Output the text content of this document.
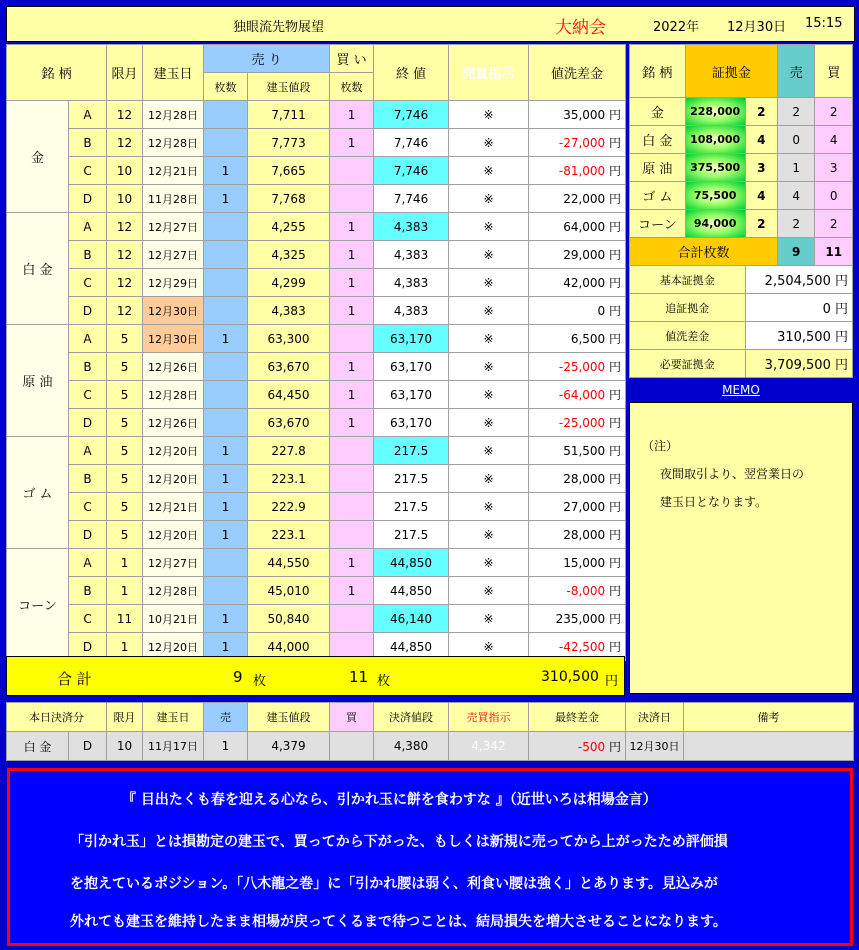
独眼流先物展望	大納会	2022年 12月30日 15:15
銘 柄		限月	建玉日	売 り		買 い	終 値	売買指示	値洗差金
				枚数	建玉値段	枚数			
金	A	12	12月28日		7,711	1	7,746	※	35,000 円
	B	12	12月28日		7,773	1	7,746	※	-27,000 円
	C	10	12月21日	1	7,665		7,746	※	-81,000 円
	D	10	11月28日	1	7,768		7,746	※	22,000 円
白 金	A	12	12月27日		4,255	1	4,383	※	64,000 円
	B	12	12月27日		4,325	1	4,383	※	29,000 円
	C	12	12月29日		4,299	1	4,383	※	42,000 円
	D	12	12月30日		4,383	1	4,383	※	0 円
原 油	A	5	12月30日	1	63,300		63,170	※	6,500 円
	B	5	12月26日		63,670	1	63,170	※	-25,000 円
	C	5	12月28日		64,450	1	63,170	※	-64,000 円
	D	5	12月26日		63,670	1	63,170	※	-25,000 円
ゴ ム	A	5	12月20日	1	227.8		217.5	※	51,500 円
	B	5	12月20日	1	223.1		217.5	※	28,000 円
	C	5	12月21日	1	222.9		217.5	※	27,000 円
	D	5	12月20日	1	223.1		217.5	※	28,000 円
コーン	A	1	12月27日		44,550	1	44,850	※	15,000 円
	B	1	12月28日		45,010	1	44,850	※	-8,000 円
	C	11	10月21日	1	50,840		46,140	※	235,000 円
	D	1	12月20日	1	44,000		44,850	※	-42,500 円
合 計	9 枚	11 枚	310,500 円
銘 柄	証拠金		売	買
金	228,000	2	2	2
白 金	108,000	4	0	4
原 油	375,500	3	1	3
ゴ ム	75,500	4	4	0
コーン	94,000	2	2	2
合計枚数			9	11
基本証拠金		2,504,500 円		
追証拠金		0 円		
値洗差金		310,500 円		
必要証拠金		3,709,500 円		
MEMO
（注）
夜間取引より、翌営業日の
建玉日となります。
本日決済分		限月	建玉日	売	建玉値段	買	決済値段	売買指示	最終差金	決済日	備考
白 金	D	10	11月17日	1	4,379		4,380	4,342	-500 円	12月30日	
『 目出たくも春を迎える心なら、引かれ玉に餅を食わすな 』（近世いろは相場金言）
「引かれ玉」とは損勘定の建玉で、買ってから下がった、もしくは新規に売ってから上がったため評価損
を抱えているポジション。「八木龍之巻」に「引かれ腰は弱く、利食い腰は強く」とあります。見込みが
外れても建玉を維持したまま相場が戻ってくるまで待つことは、結局損失を増大させることになります。
